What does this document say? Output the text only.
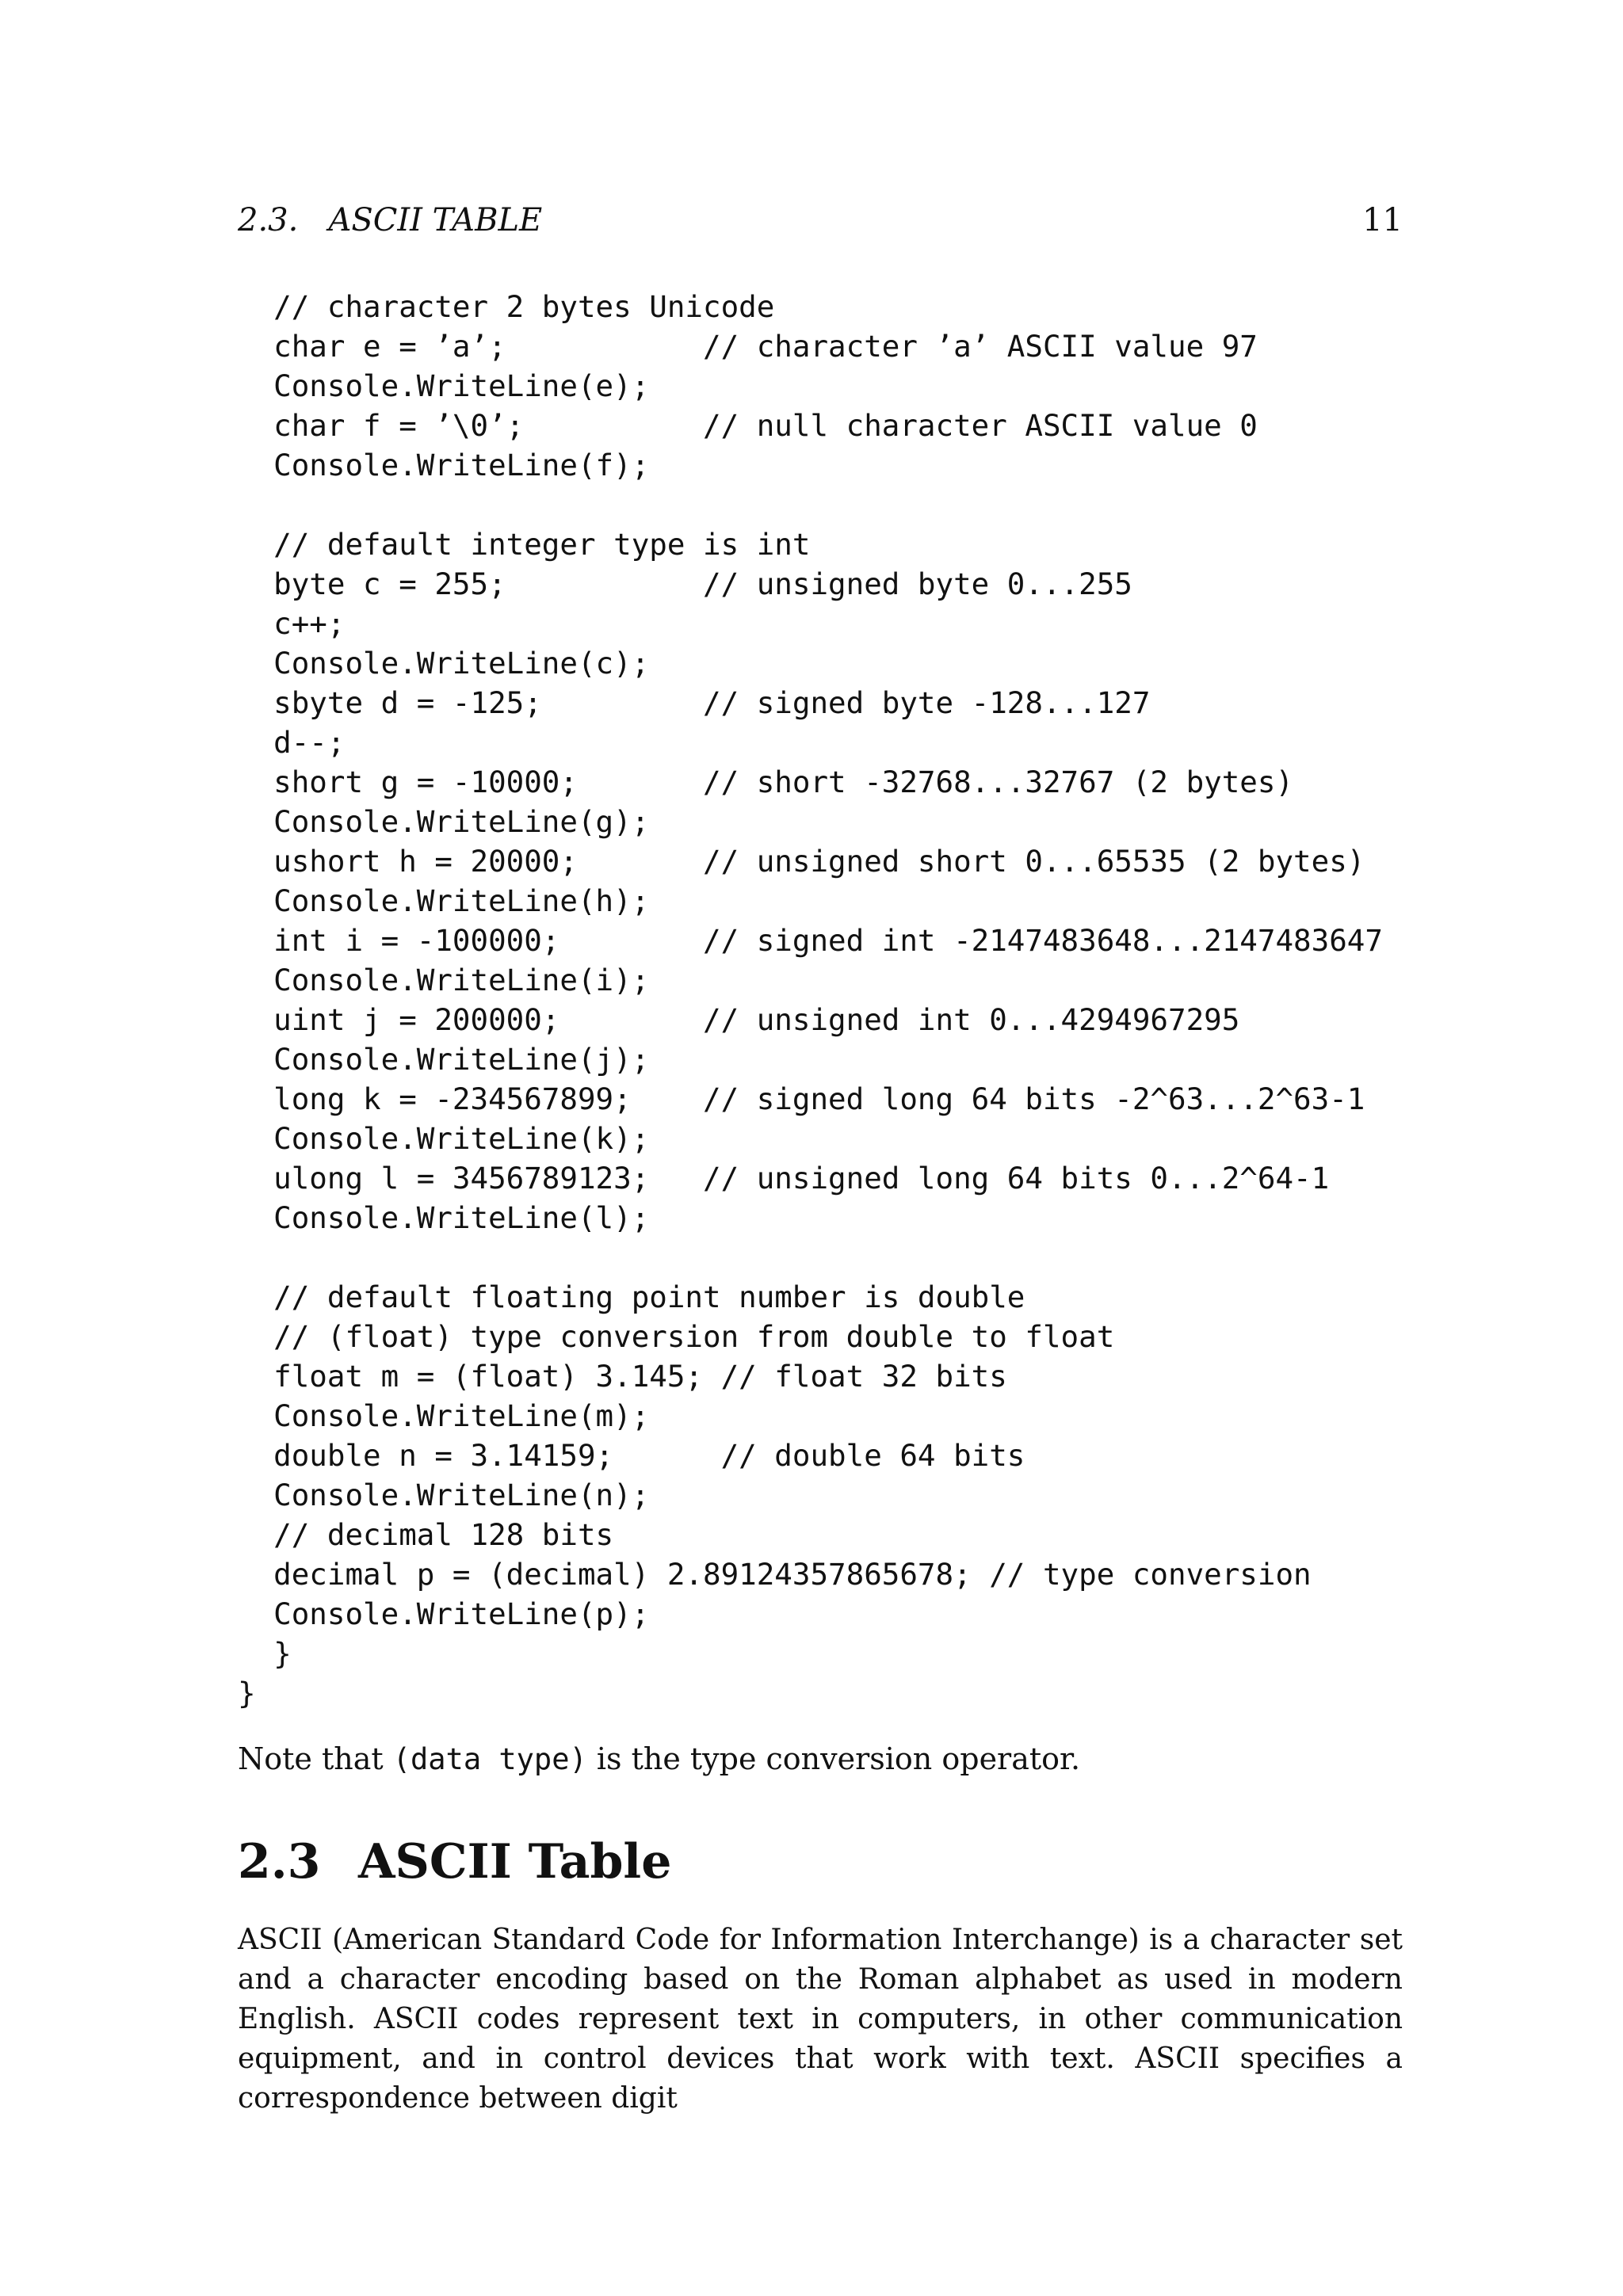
2.3.   ASCII TABLE	11
// character 2 bytes Unicode
char e = ’a’;           // character ’a’ ASCII value 97
Console.WriteLine(e);
char f = ’\0’;          // null character ASCII value 0
Console.WriteLine(f);
// default integer type is int
byte c = 255;           // unsigned byte 0...255
c++;
Console.WriteLine(c);
sbyte d = -125;         // signed byte -128...127
d--;
short g = -10000;       // short -32768...32767 (2 bytes)
Console.WriteLine(g);
ushort h = 20000;       // unsigned short 0...65535 (2 bytes)
Console.WriteLine(h);
int i = -100000;        // signed int -2147483648...2147483647
Console.WriteLine(i);
uint j = 200000;        // unsigned int 0...4294967295
Console.WriteLine(j);
long k = -234567899;    // signed long 64 bits -2^63...2^63-1
Console.WriteLine(k);
ulong l = 3456789123;   // unsigned long 64 bits 0...2^64-1
Console.WriteLine(l);
// default floating point number is double
// (float) type conversion from double to float
float m = (float) 3.145; // float 32 bits
Console.WriteLine(m);
double n = 3.14159;      // double 64 bits
Console.WriteLine(n);
// decimal 128 bits
decimal p = (decimal) 2.89124357865678; // type conversion
Console.WriteLine(p);
}
}

Note that (data type) is the type conversion operator.

2.3 ASCII Table

ASCII (American Standard Code for Information Interchange) is a character set and a character encoding based on the Roman alphabet as used in modern English. ASCII codes represent text in computers, in other communication equipment, and in control devices that work with text. ASCII specifies a correspondence between digit
